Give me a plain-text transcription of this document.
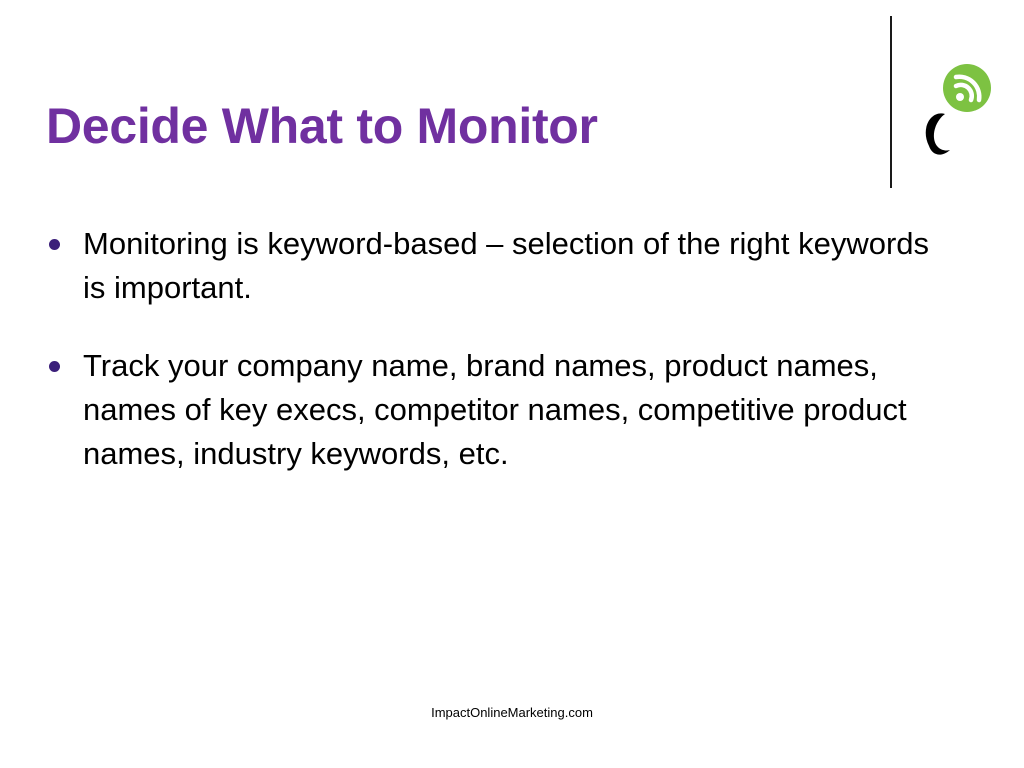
Decide What to Monitor
Monitoring is keyword-based – selection of the right keywords is important.
Track your company name, brand names, product names, names of key execs, competitor names, competitive product names, industry keywords, etc.
ImpactOnlineMarketing.com
